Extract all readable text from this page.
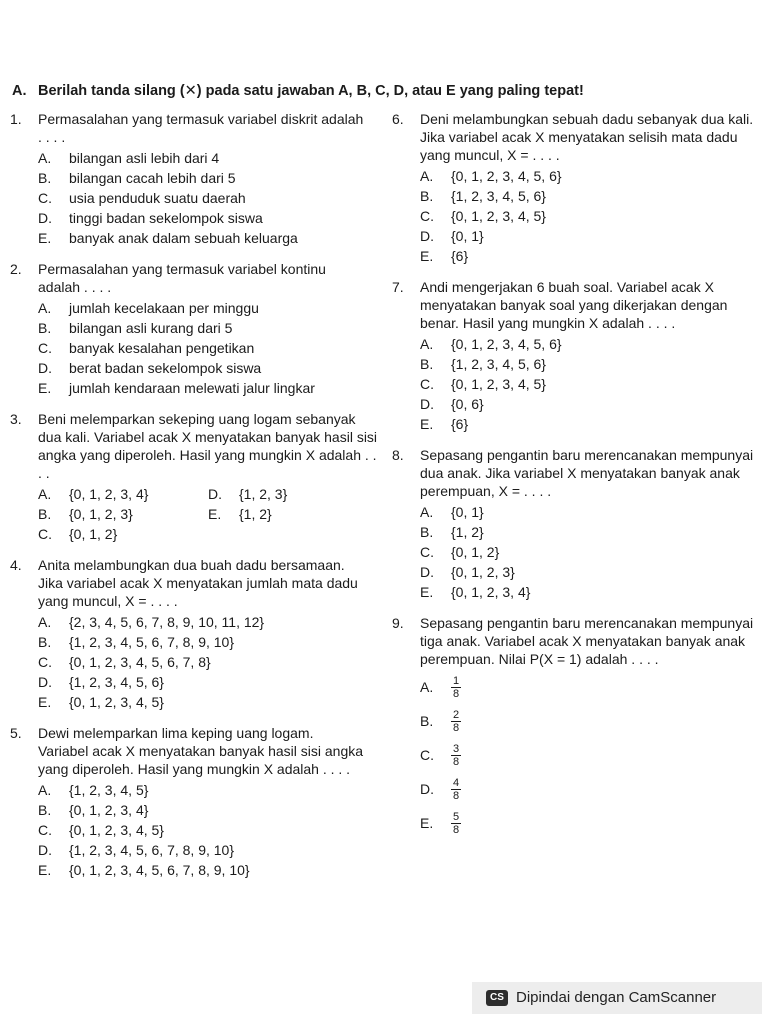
A. Berilah tanda silang (✕) pada satu jawaban A, B, C, D, atau E yang paling tepat!
1.	Permasalahan yang termasuk variabel diskrit adalah . . . .
A.	bilangan asli lebih dari 4
B.	bilangan cacah lebih dari 5
C.	usia penduduk suatu daerah
D.	tinggi badan sekelompok siswa
E.	banyak anak dalam sebuah keluarga
2.	Permasalahan yang termasuk variabel kontinu adalah . . . .
A.	jumlah kecelakaan per minggu
B.	bilangan asli kurang dari 5
C.	banyak kesalahan pengetikan
D.	berat badan sekelompok siswa
E.	jumlah kendaraan melewati jalur lingkar
3.	Beni melemparkan sekeping uang logam sebanyak dua kali. Variabel acak X menyatakan banyak hasil sisi angka yang diperoleh. Hasil yang mungkin X adalah . . . .
A.	{0, 1, 2, 3, 4}	D.	{1, 2, 3}
B.	{0, 1, 2, 3}	E.	{1, 2}
C.	{0, 1, 2}
4.	Anita melambungkan dua buah dadu bersamaan. Jika variabel acak X menyatakan jumlah mata dadu yang muncul, X = . . . .
A.	{2, 3, 4, 5, 6, 7, 8, 9, 10, 11, 12}
B.	{1, 2, 3, 4, 5, 6, 7, 8, 9, 10}
C.	{0, 1, 2, 3, 4, 5, 6, 7, 8}
D.	{1, 2, 3, 4, 5, 6}
E.	{0, 1, 2, 3, 4, 5}
5.	Dewi melemparkan lima keping uang logam. Variabel acak X menyatakan banyak hasil sisi angka yang diperoleh. Hasil yang mungkin X adalah . . . .
A.	{1, 2, 3, 4, 5}
B.	{0, 1, 2, 3, 4}
C.	{0, 1, 2, 3, 4, 5}
D.	{1, 2, 3, 4, 5, 6, 7, 8, 9, 10}
E.	{0, 1, 2, 3, 4, 5, 6, 7, 8, 9, 10}
6.	Deni melambungkan sebuah dadu sebanyak dua kali. Jika variabel acak X menyatakan selisih mata dadu yang muncul, X = . . . .
A.	{0, 1, 2, 3, 4, 5, 6}
B.	{1, 2, 3, 4, 5, 6}
C.	{0, 1, 2, 3, 4, 5}
D.	{0, 1}
E.	{6}
7.	Andi mengerjakan 6 buah soal. Variabel acak X menyatakan banyak soal yang dikerjakan dengan benar. Hasil yang mungkin X adalah . . . .
A.	{0, 1, 2, 3, 4, 5, 6}
B.	{1, 2, 3, 4, 5, 6}
C.	{0, 1, 2, 3, 4, 5}
D.	{0, 6}
E.	{6}
8.	Sepasang pengantin baru merencanakan mempunyai dua anak. Jika variabel X menyatakan banyak anak perempuan, X = . . . .
A.	{0, 1}
B.	{1, 2}
C.	{0, 1, 2}
D.	{0, 1, 2, 3}
E.	{0, 1, 2, 3, 4}
9.	Sepasang pengantin baru merencanakan mempunyai tiga anak. Variabel acak X menyatakan banyak anak perempuan. Nilai P(X = 1) adalah . . . .
A.	$\frac{1}{8}$
B.	$\frac{2}{8}$
C.	$\frac{3}{8}$
D.	$\frac{4}{8}$
E.	$\frac{5}{8}$
CS Dipindai dengan CamScanner
